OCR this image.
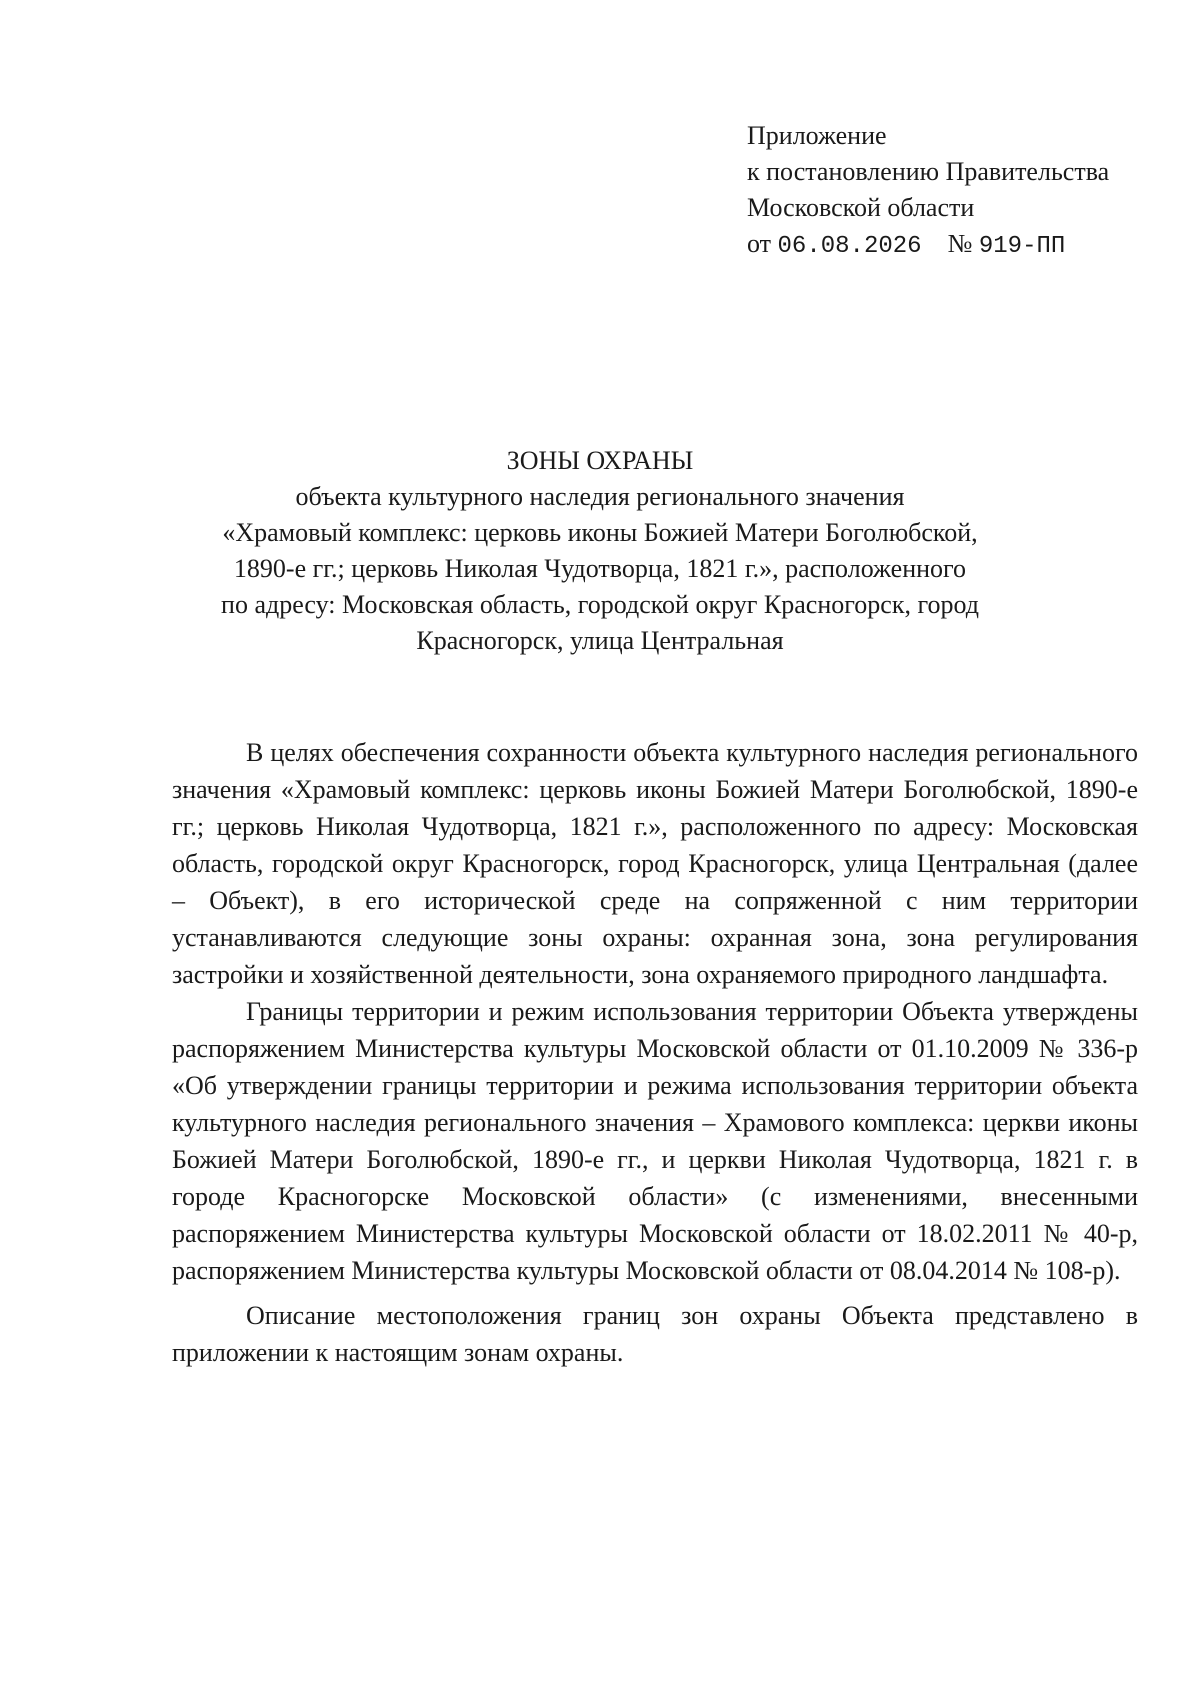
Приложение
к постановлению Правительства
Московской области
от 06.08.2026 № 919-ПП
ЗОНЫ ОХРАНЫ
объекта культурного наследия регионального значения
«Храмовый комплекс: церковь иконы Божией Матери Боголюбской,
1890-е гг.; церковь Николая Чудотворца, 1821 г.», расположенного
по адресу: Московская область, городской округ Красногорск, город
Красногорск, улица Центральная

В целях обеспечения сохранности объекта культурного наследия регионального значения «Храмовый комплекс: церковь иконы Божией Матери Боголюбской, 1890-е гг.; церковь Николая Чудотворца, 1821 г.», расположенного по адресу: Московская область, городской округ Красногорск, город Красногорск, улица Центральная (далее – Объект), в его исторической среде на сопряженной с ним территории устанавливаются следующие зоны охраны: охранная зона, зона регулирования застройки и хозяйственной деятельности, зона охраняемого природного ландшафта.

Границы территории и режим использования территории Объекта утверждены распоряжением Министерства культуры Московской области от 01.10.2009 № 336-р «Об утверждении границы территории и режима использования территории объекта культурного наследия регионального значения – Храмового комплекса: церкви иконы Божией Матери Боголюбской, 1890-е гг., и церкви Николая Чудотворца, 1821 г. в городе Красногорске Московской области» (с изменениями, внесенными распоряжением Министерства культуры Московской области от 18.02.2011 № 40-р, распоряжением Министерства культуры Московской области от 08.04.2014 № 108-р).

Описание местоположения границ зон охраны Объекта представлено в приложении к настоящим зонам охраны.
